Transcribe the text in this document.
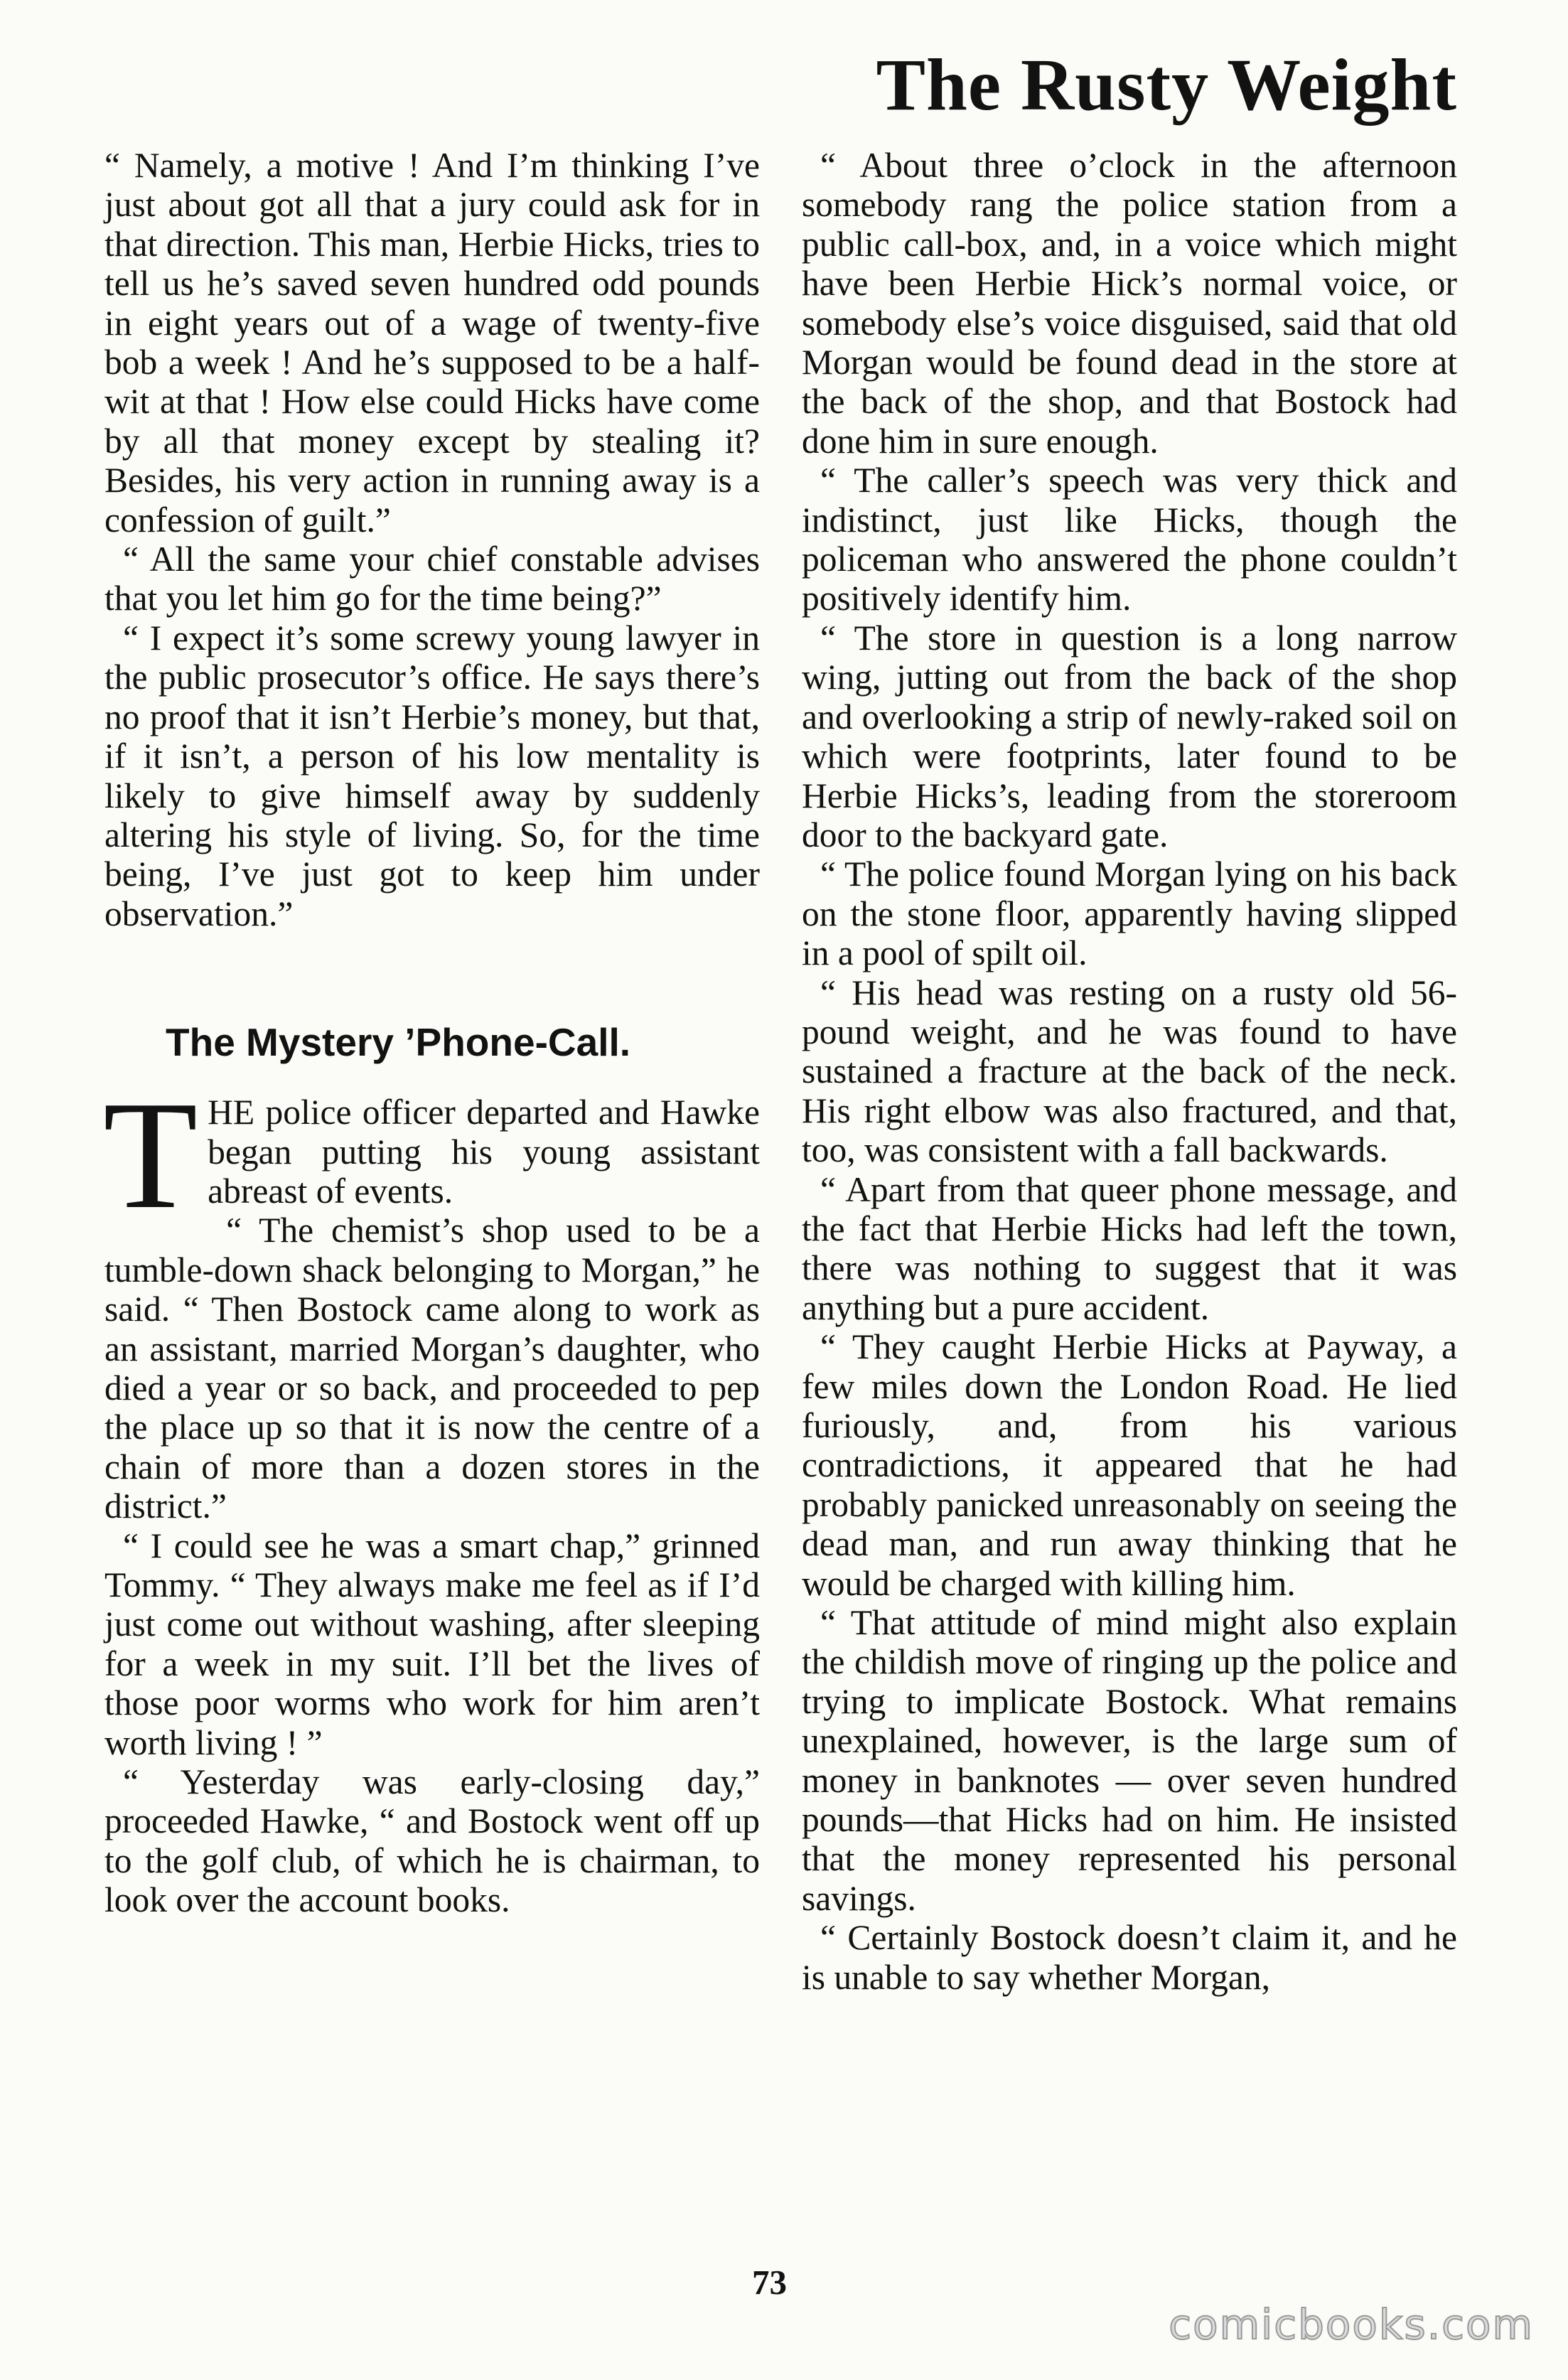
The Rusty Weight

“ Namely, a motive ! And I’m thinking I’ve just about got all that a jury could ask for in that direction. This man, Herbie Hicks, tries to tell us he’s saved seven hundred odd pounds in eight years out of a wage of twenty-five bob a week ! And he’s supposed to be a half-wit at that ! How else could Hicks have come by all that money except by stealing it? Besides, his very action in running away is a confession of guilt.”

“ All the same your chief constable advises that you let him go for the time being?”

“ I expect it’s some screwy young lawyer in the public prosecutor’s office. He says there’s no proof that it isn’t Herbie’s money, but that, if it isn’t, a person of his low mentality is likely to give himself away by suddenly altering his style of living. So, for the time being, I’ve just got to keep him under observation.”

The Mystery ’Phone-Call.

THE police officer departed and Hawke began putting his young assistant abreast of events.

“ The chemist’s shop used to be a tumble-down shack belonging to Morgan,” he said. “ Then Bostock came along to work as an assistant, married Morgan’s daughter, who died a year or so back, and proceeded to pep the place up so that it is now the centre of a chain of more than a dozen stores in the district.”

“ I could see he was a smart chap,” grinned Tommy. “ They always make me feel as if I’d just come out without washing, after sleeping for a week in my suit. I’ll bet the lives of those poor worms who work for him aren’t worth living ! ”

“ Yesterday was early-closing day,” proceeded Hawke, “ and Bostock went off up to the golf club, of which he is chairman, to look over the account books.

“ About three o’clock in the afternoon somebody rang the police station from a public call-box, and, in a voice which might have been Herbie Hick’s normal voice, or somebody else’s voice disguised, said that old Morgan would be found dead in the store at the back of the shop, and that Bostock had done him in sure enough.

“ The caller’s speech was very thick and indistinct, just like Hicks, though the policeman who answered the phone couldn’t positively identify him.

“ The store in question is a long narrow wing, jutting out from the back of the shop and overlooking a strip of newly-raked soil on which were footprints, later found to be Herbie Hicks’s, leading from the storeroom door to the backyard gate.

“ The police found Morgan lying on his back on the stone floor, apparently having slipped in a pool of spilt oil.

“ His head was resting on a rusty old 56-pound weight, and he was found to have sustained a fracture at the back of the neck. His right elbow was also fractured, and that, too, was consistent with a fall backwards.

“ Apart from that queer phone message, and the fact that Herbie Hicks had left the town, there was nothing to suggest that it was anything but a pure accident.

“ They caught Herbie Hicks at Payway, a few miles down the London Road. He lied furiously, and, from his various contradictions, it appeared that he had probably panicked unreasonably on seeing the dead man, and run away thinking that he would be charged with killing him.

“ That attitude of mind might also explain the childish move of ringing up the police and trying to implicate Bostock. What remains unexplained, however, is the large sum of money in banknotes — over seven hundred pounds—that Hicks had on him. He insisted that the money represented his personal savings.

“ Certainly Bostock doesn’t claim it, and he is unable to say whether Morgan,

73

comicbooks.com
